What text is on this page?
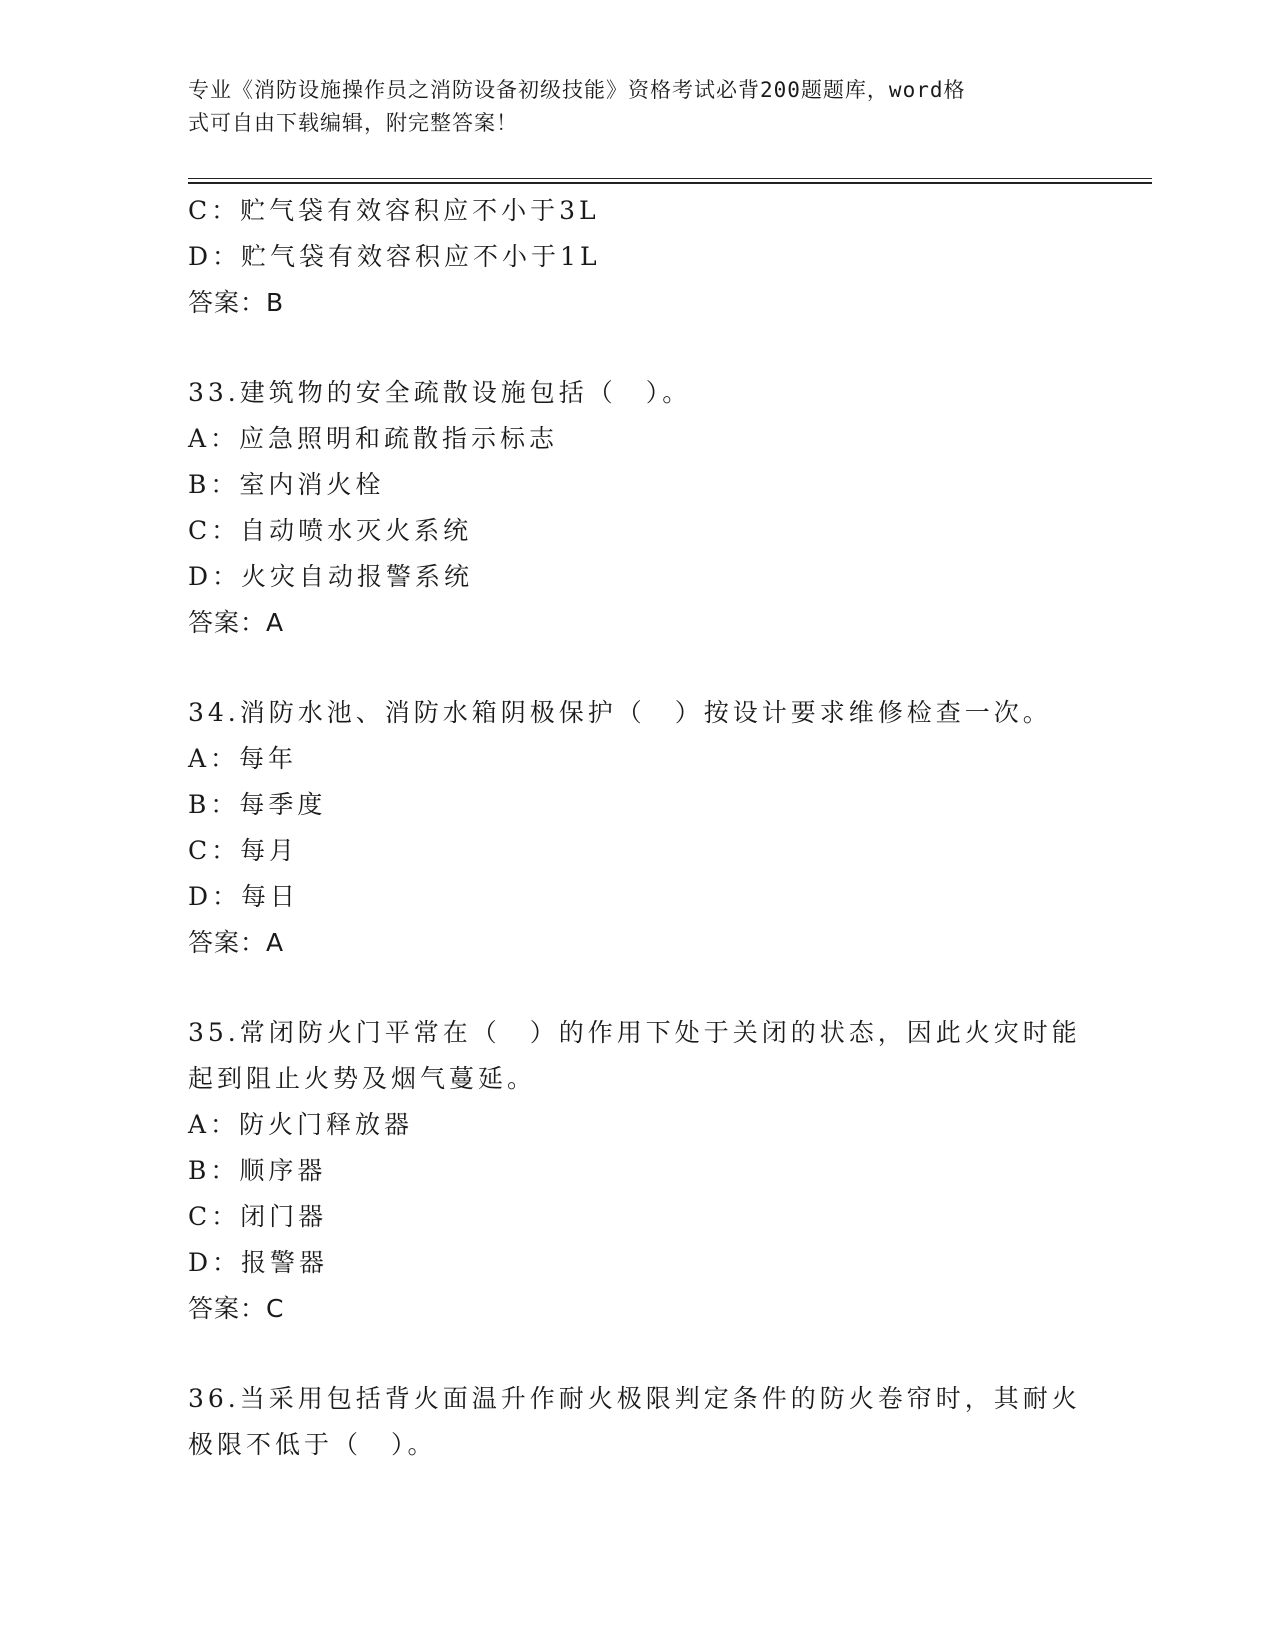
专业《消防设施操作员之消防设备初级技能》资格考试必背200题题库，word格
式可自由下载编辑，附完整答案！
C：贮气袋有效容积应不小于3L
D：贮气袋有效容积应不小于1L
答案：B
33.建筑物的安全疏散设施包括（　）。
A：应急照明和疏散指示标志
B：室内消火栓
C：自动喷水灭火系统
D：火灾自动报警系统
答案：A
34.消防水池、消防水箱阴极保护（　）按设计要求维修检查一次。
A：每年
B：每季度
C：每月
D：每日
答案：A
35.常闭防火门平常在（　）的作用下处于关闭的状态，因此火灾时能
起到阻止火势及烟气蔓延。
A：防火门释放器
B：顺序器
C：闭门器
D：报警器
答案：C
36.当采用包括背火面温升作耐火极限判定条件的防火卷帘时，其耐火
极限不低于（　）。
